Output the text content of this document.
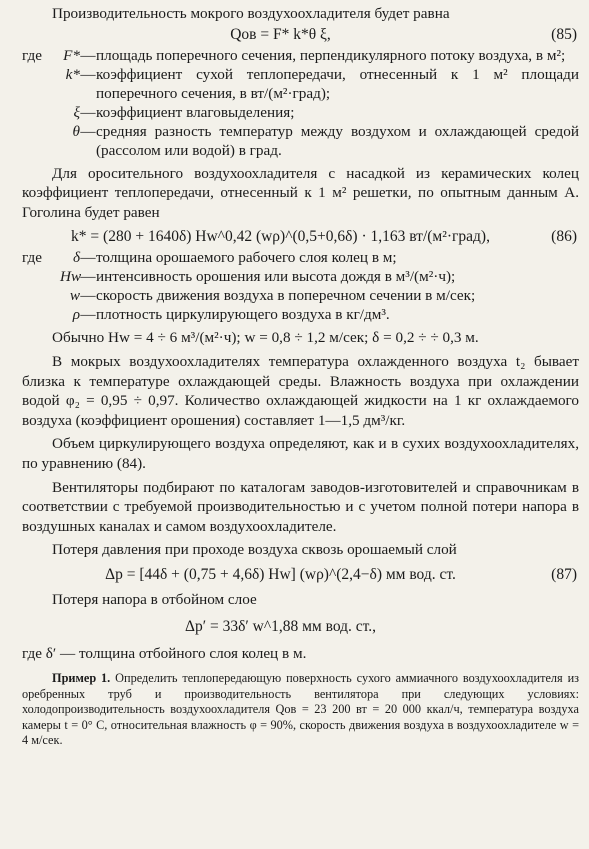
Производительность мокрого воздухоохладителя будет равна

Qов = F* k*θ ξ,	(85)
где	F* — площадь поперечного сечения, перпендикулярного потоку воздуха, в м²;
k* — коэффициент сухой теплопередачи, отнесенный к 1 м² площади поперечного сечения, в вт/(м²·град);
ξ — коэффициент влаговыделения;
θ — средняя разность температур между воздухом и охлаждающей средой (рассолом или водой) в град.

Для оросительного воздухоохладителя с насадкой из керамических колец коэффициент теплопередачи, отнесенный к 1 м² решетки, по опытным данным А. Гоголина будет равен

k* = (280 + 1640δ) Hw^0,42 (wρ)^(0,5+0,6δ) · 1,163 вт/(м²·град),	(86)
где	δ — толщина орошаемого рабочего слоя колец в м;
Hw — интенсивность орошения или высота дождя в м³/(м²·ч);
w — скорость движения воздуха в поперечном сечении в м/сек;
ρ — плотность циркулирующего воздуха в кг/дм³.

Обычно Hw = 4 ÷ 6 м³/(м²·ч); w = 0,8 ÷ 1,2 м/сек; δ = 0,2 ÷ ÷ 0,3 м.

В мокрых воздухоохладителях температура охлажденного воздуха t₂ бывает близка к температуре охлаждающей среды. Влажность воздуха при охлаждении водой φ₂ = 0,95 ÷ 0,97. Количество охлаждающей жидкости на 1 кг охлаждаемого воздуха (коэффициент орошения) составляет 1—1,5 дм³/кг.

Объем циркулирующего воздуха определяют, как и в сухих воздухоохладителях, по уравнению (84).

Вентиляторы подбирают по каталогам заводов-изготовителей и справочникам в соответствии с требуемой производительностью и с учетом полной потери напора в воздушных каналах и самом воздухоохладителе.

Потеря давления при проходе воздуха сквозь орошаемый слой

Δp = [44δ + (0,75 + 4,6δ) Hw] (wρ)^(2,4−δ) мм вод. ст.	(87)

Потеря напора в отбойном слое

Δp′ = 33δ′ w^1,88 мм вод. ст.,

где δ′ — толщина отбойного слоя колец в м.

Пример 1. Определить теплопередающую поверхность сухого аммиачного воздухоохладителя из оребренных труб и производительность вентилятора при следующих условиях: холодопроизводительность воздухоохладителя Qов = 23 200 вт = 20 000 ккал/ч, температура воздуха камеры t = 0° C, относительная влажность φ = 90%, скорость движения воздуха в воздухоохладителе w = 4 м/сек.
